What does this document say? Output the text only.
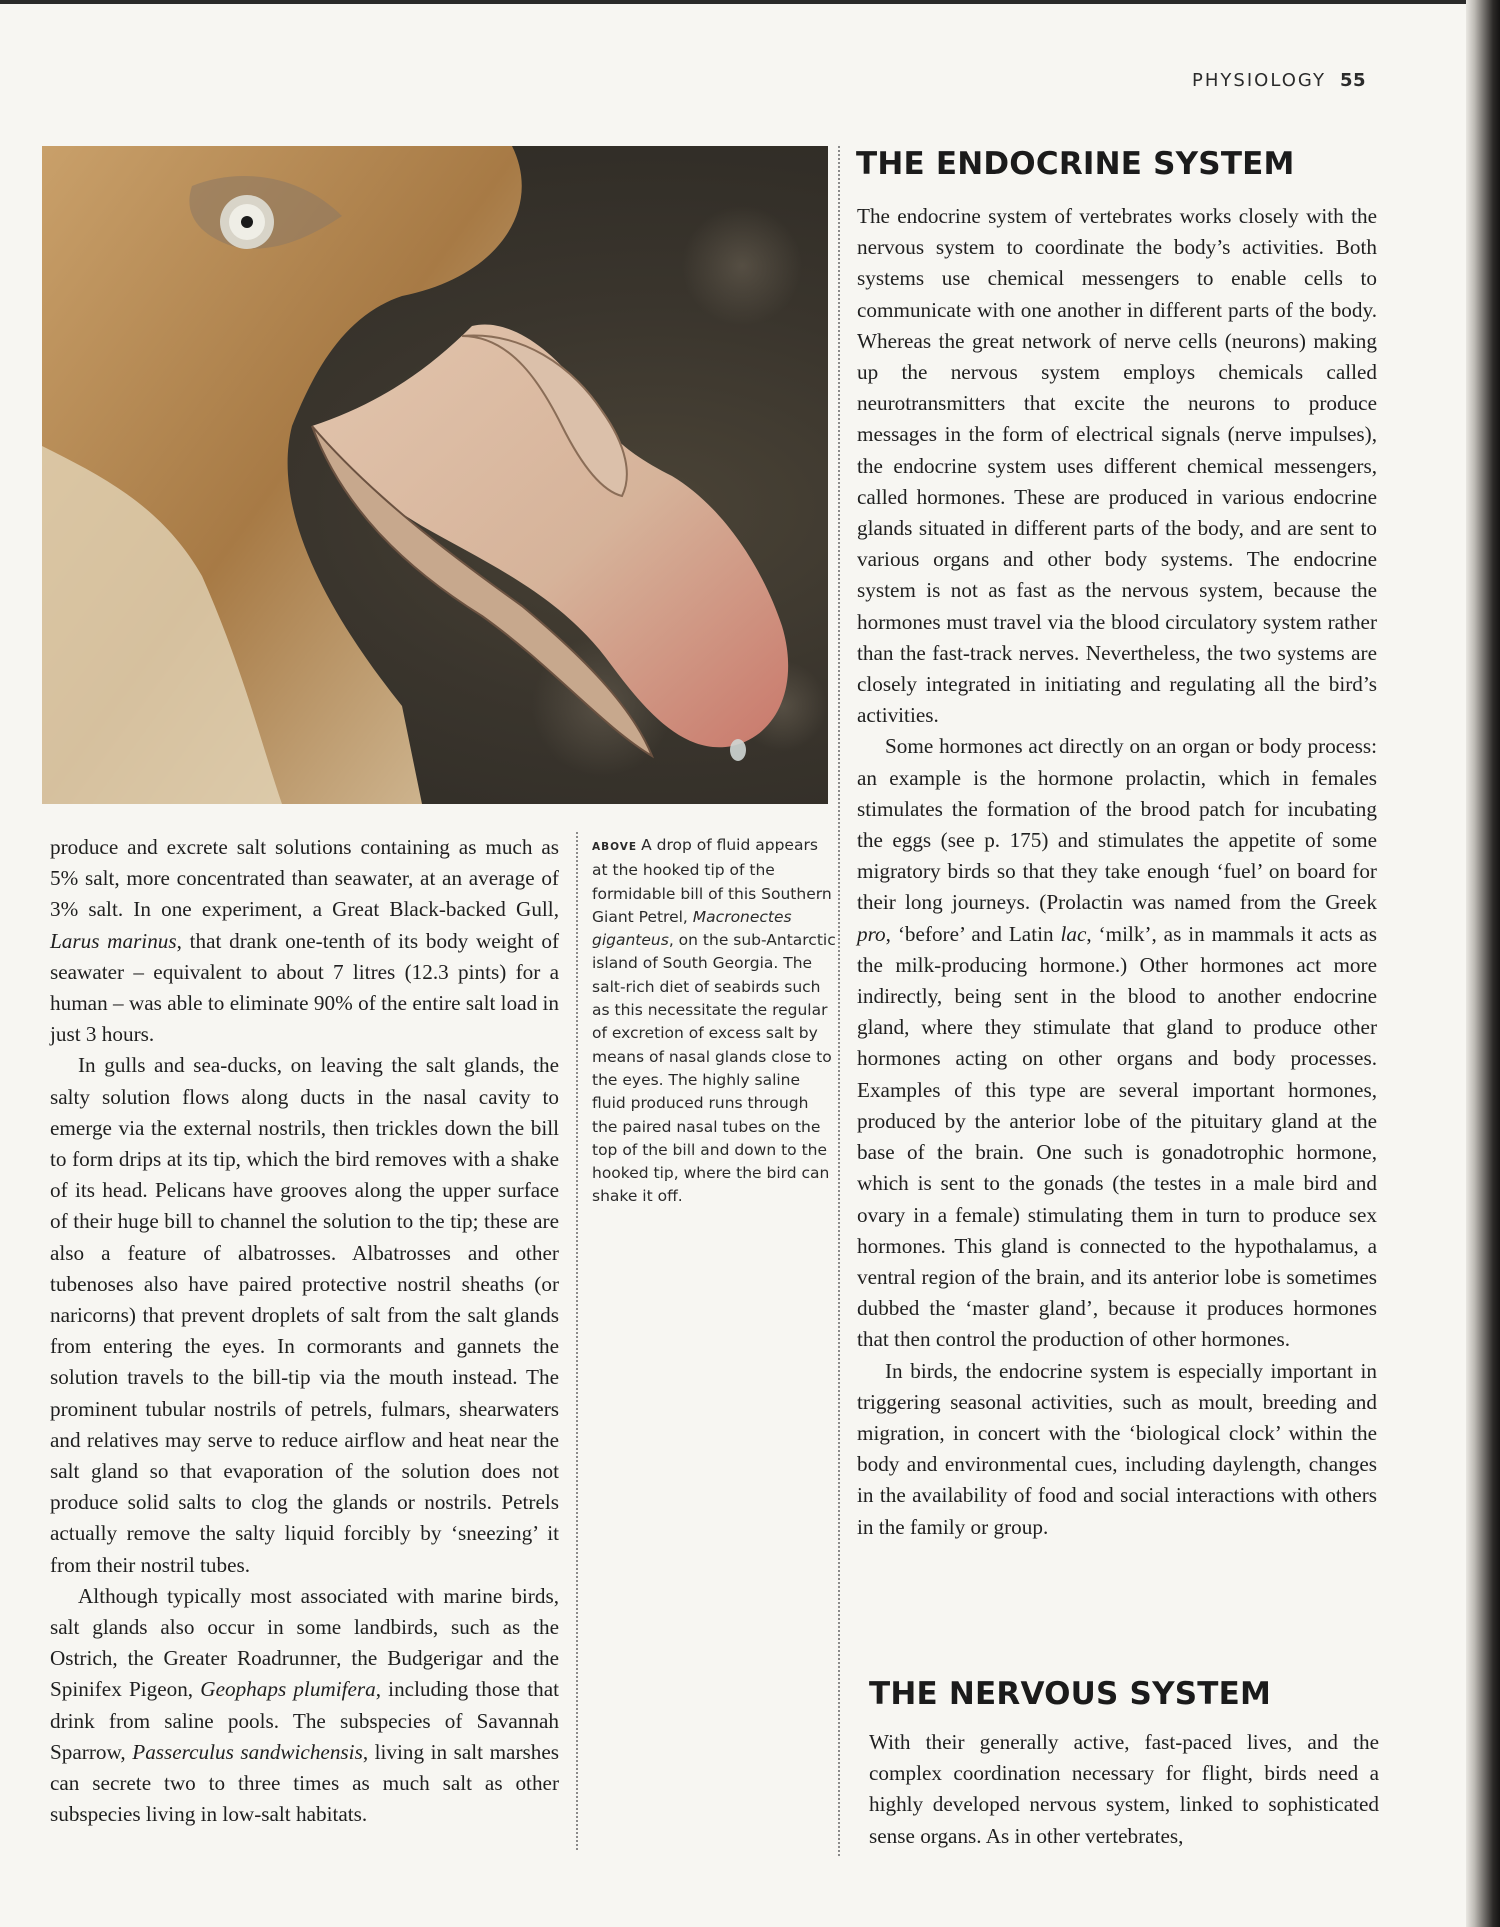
PHYSIOLOGY 55
THE ENDOCRINE SYSTEM

produce and excrete salt solutions containing as much as 5% salt, more concentrated than seawater, at an average of 3% salt. In one experiment, a Great Black-backed Gull, Larus marinus, that drank one-tenth of its body weight of seawater – equivalent to about 7 litres (12.3 pints) for a human – was able to eliminate 90% of the entire salt load in just 3 hours.

In gulls and sea-ducks, on leaving the salt glands, the salty solution flows along ducts in the nasal cavity to emerge via the external nostrils, then trickles down the bill to form drips at its tip, which the bird removes with a shake of its head. Pelicans have grooves along the upper surface of their huge bill to channel the solution to the tip; these are also a feature of albatrosses. Albatrosses and other tubenoses also have paired protective nostril sheaths (or naricorns) that prevent droplets of salt from the salt glands from entering the eyes. In cormorants and gannets the solution travels to the bill-tip via the mouth instead. The prominent tubular nostrils of petrels, fulmars, shearwaters and relatives may serve to reduce airflow and heat near the salt gland so that evaporation of the solution does not produce solid salts to clog the glands or nostrils. Petrels actually remove the salty liquid forcibly by ‘sneezing’ it from their nostril tubes.

Although typically most associated with marine birds, salt glands also occur in some landbirds, such as the Ostrich, the Greater Roadrunner, the Budgerigar and the Spinifex Pigeon, Geophaps plumifera, including those that drink from saline pools. The subspecies of Savannah Sparrow, Passerculus sandwichensis, living in salt marshes can secrete two to three times as much salt as other subspecies living in low-salt habitats.

ABOVE A drop of fluid appears at the hooked tip of the formidable bill of this Southern Giant Petrel, Macronectes giganteus, on the sub-Antarctic island of South Georgia. The salt-rich diet of seabirds such as this necessitate the regular of excretion of excess salt by means of nasal glands close to the eyes. The highly saline fluid produced runs through the paired nasal tubes on the top of the bill and down to the hooked tip, where the bird can shake it off.

The endocrine system of vertebrates works closely with the nervous system to coordinate the body’s activities. Both systems use chemical messengers to enable cells to communicate with one another in different parts of the body. Whereas the great network of nerve cells (neurons) making up the nervous system employs chemicals called neurotransmitters that excite the neurons to produce messages in the form of electrical signals (nerve impulses), the endocrine system uses different chemical messengers, called hormones. These are produced in various endocrine glands situated in different parts of the body, and are sent to various organs and other body systems. The endocrine system is not as fast as the nervous system, because the hormones must travel via the blood circulatory system rather than the fast-track nerves. Nevertheless, the two systems are closely integrated in initiating and regulating all the bird’s activities.

Some hormones act directly on an organ or body process: an example is the hormone prolactin, which in females stimulates the formation of the brood patch for incubating the eggs (see p. 175) and stimulates the appetite of some migratory birds so that they take enough ‘fuel’ on board for their long journeys. (Prolactin was named from the Greek pro, ‘before’ and Latin lac, ‘milk’, as in mammals it acts as the milk-producing hormone.) Other hormones act more indirectly, being sent in the blood to another endocrine gland, where they stimulate that gland to produce other hormones acting on other organs and body processes. Examples of this type are several important hormones, produced by the anterior lobe of the pituitary gland at the base of the brain. One such is gonadotrophic hormone, which is sent to the gonads (the testes in a male bird and ovary in a female) stimulating them in turn to produce sex hormones. This gland is connected to the hypothalamus, a ventral region of the brain, and its anterior lobe is sometimes dubbed the ‘master gland’, because it produces hormones that then control the production of other hormones.

In birds, the endocrine system is especially important in triggering seasonal activities, such as moult, breeding and migration, in concert with the ‘biological clock’ within the body and environmental cues, including daylength, changes in the availability of food and social interactions with others in the family or group.

THE NERVOUS SYSTEM

With their generally active, fast-paced lives, and the complex coordination necessary for flight, birds need a highly developed nervous system, linked to sophisticated sense organs. As in other vertebrates,
